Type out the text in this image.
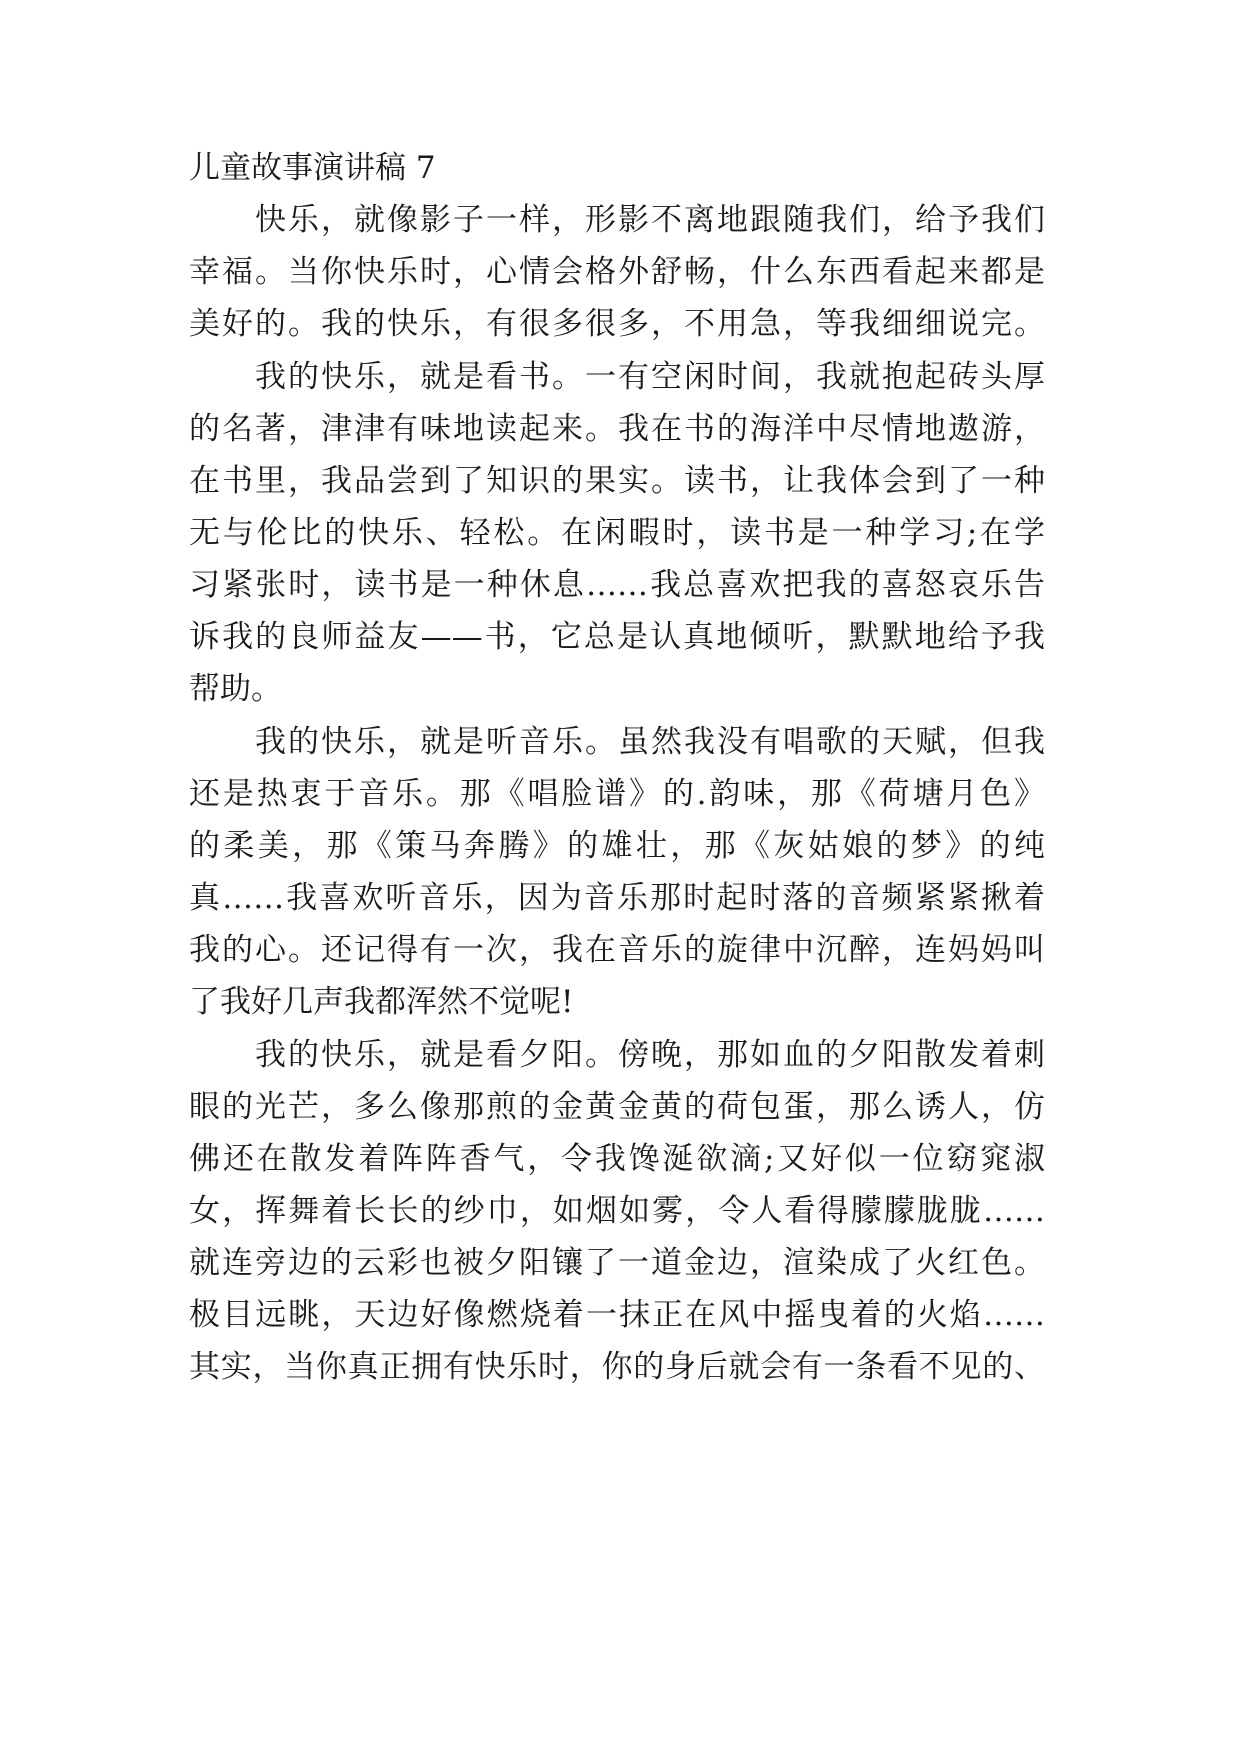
儿童故事演讲稿 7
快乐，就像影子一样，形影不离地跟随我们，给予我们
幸福。当你快乐时，心情会格外舒畅，什么东西看起来都是
美好的。我的快乐，有很多很多，不用急，等我细细说完。
我的快乐，就是看书。一有空闲时间，我就抱起砖头厚
的名著，津津有味地读起来。我在书的海洋中尽情地遨游，
在书里，我品尝到了知识的果实。读书，让我体会到了一种
无与伦比的快乐、轻松。在闲暇时，读书是一种学习;在学
习紧张时，读书是一种休息……我总喜欢把我的喜怒哀乐告
诉我的良师益友——书，它总是认真地倾听，默默地给予我
帮助。
我的快乐，就是听音乐。虽然我没有唱歌的天赋，但我
还是热衷于音乐。那《唱脸谱》的.韵味，那《荷塘月色》
的柔美，那《策马奔腾》的雄壮，那《灰姑娘的梦》的纯
真……我喜欢听音乐，因为音乐那时起时落的音频紧紧揪着
我的心。还记得有一次，我在音乐的旋律中沉醉，连妈妈叫
了我好几声我都浑然不觉呢!
我的快乐，就是看夕阳。傍晚，那如血的夕阳散发着刺
眼的光芒，多么像那煎的金黄金黄的荷包蛋，那么诱人，仿
佛还在散发着阵阵香气，令我馋涎欲滴;又好似一位窈窕淑
女，挥舞着长长的纱巾，如烟如雾，令人看得朦朦胧胧……
就连旁边的云彩也被夕阳镶了一道金边，渲染成了火红色。
极目远眺，天边好像燃烧着一抹正在风中摇曳着的火焰……
其实，当你真正拥有快乐时，你的身后就会有一条看不见的、
